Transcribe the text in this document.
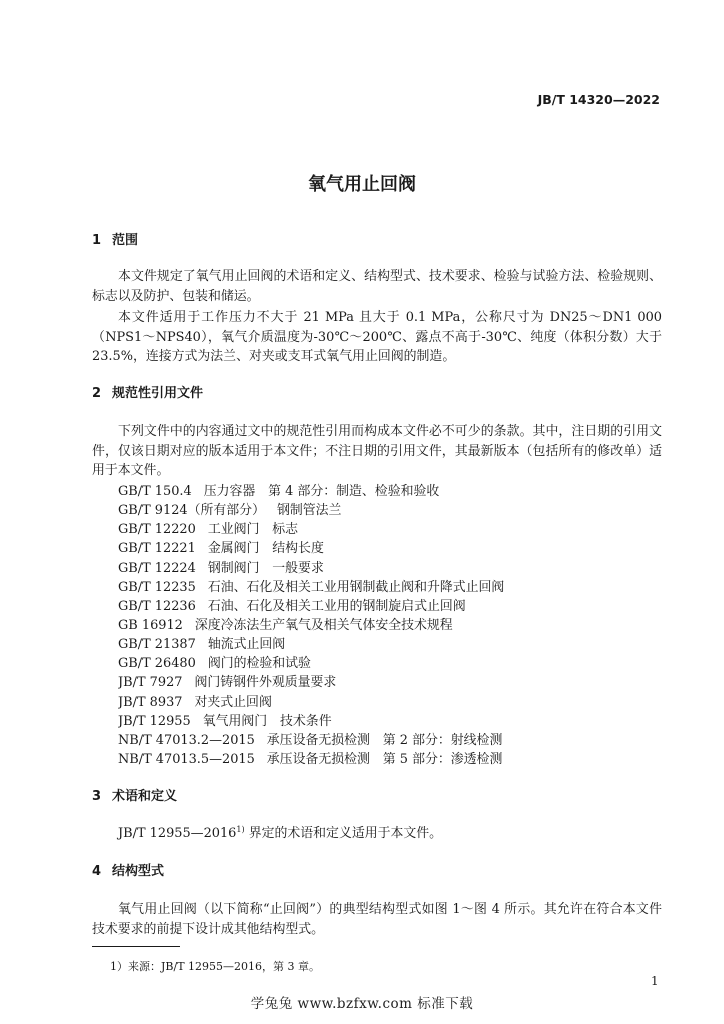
JB/T 14320—2022
氧气用止回阀
1 范围

本文件规定了氧气用止回阀的术语和定义、结构型式、技术要求、检验与试验方法、检验规则、标志以及防护、包装和储运。

本文件适用于工作压力不大于 21 MPa 且大于 0.1 MPa，公称尺寸为 DN25～DN1 000（NPS1～NPS40），氧气介质温度为-30℃～200℃、露点不高于-30℃、纯度（体积分数）大于 23.5%，连接方式为法兰、对夹或支耳式氧气用止回阀的制造。

2 规范性引用文件

下列文件中的内容通过文中的规范性引用而构成本文件必不可少的条款。其中，注日期的引用文件，仅该日期对应的版本适用于本文件；不注日期的引用文件，其最新版本（包括所有的修改单）适用于本文件。

GB/T 150.4 压力容器　第 4 部分：制造、检验和验收
GB/T 9124（所有部分） 钢制管法兰
GB/T 12220 工业阀门　标志
GB/T 12221 金属阀门　结构长度
GB/T 12224 钢制阀门　一般要求
GB/T 12235 石油、石化及相关工业用钢制截止阀和升降式止回阀
GB/T 12236 石油、石化及相关工业用的钢制旋启式止回阀
GB 16912 深度冷冻法生产氧气及相关气体安全技术规程
GB/T 21387 轴流式止回阀
GB/T 26480 阀门的检验和试验
JB/T 7927 阀门铸钢件外观质量要求
JB/T 8937 对夹式止回阀
JB/T 12955 氧气用阀门　技术条件
NB/T 47013.2—2015 承压设备无损检测　第 2 部分：射线检测
NB/T 47013.5—2015 承压设备无损检测　第 5 部分：渗透检测
3 术语和定义

JB/T 12955—2016$^{1)}$ 界定的术语和定义适用于本文件。

4 结构型式

氧气用止回阀（以下简称“止回阀”）的典型结构型式如图 1～图 4 所示。其允许在符合本文件技术要求的前提下设计成其他结构型式。

1）来源：JB/T 12955—2016，第 3 章。
1
学兔兔 www.bzfxw.com 标准下载
